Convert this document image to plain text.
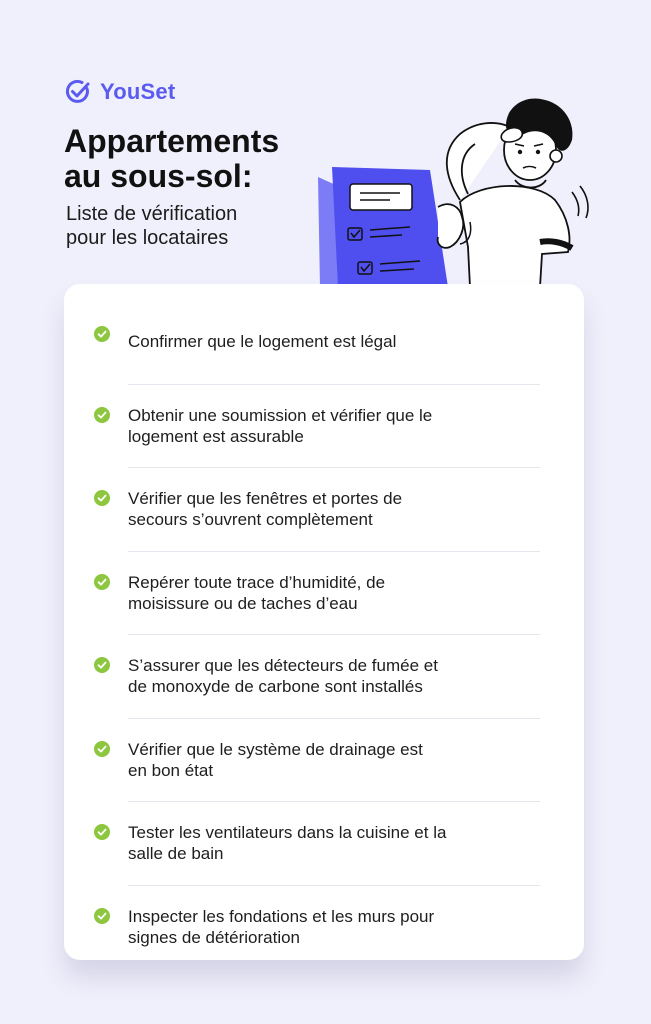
YouSet
Appartements
au sous-sol:

Liste de vérification
pour les locataires

Confirmer que le logement est légal
Obtenir une soumission et vérifier que le
logement est assurable
Vérifier que les fenêtres et portes de
secours s’ouvrent complètement
Repérer toute trace d’humidité, de
moisissure ou de taches d’eau
S’assurer que les détecteurs de fumée et
de monoxyde de carbone sont installés
Vérifier que le système de drainage est
en bon état
Tester les ventilateurs dans la cuisine et la
salle de bain
Inspecter les fondations et les murs pour
signes de détérioration
